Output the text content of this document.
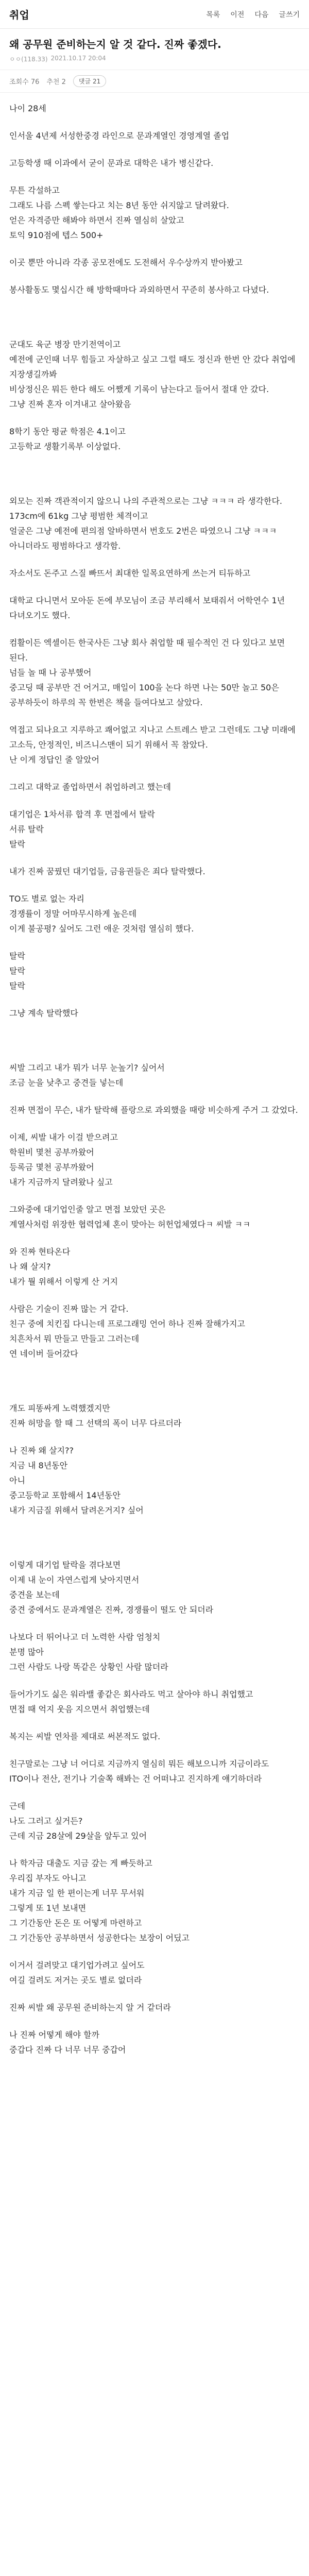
취업	목록 이전 다음 글쓰기
왜 공무원 준비하는지 알 것 같다. 진짜 좋겠다.
ㅇㅇ(118.33) 2021.10.17 20:04
조회수 76 추천 2	댓글 21

나이 28세

인서울 4년제 서성한중경 라인으로 문과계열인 경영계열 졸업

고등학생 때 이과에서 굳이 문과로 대학은 내가 병신같다.

무튼 각설하고
그래도 나름 스펙 쌓는다고 치는 8년 동안 쉬지않고 달려왔다.
얻은 자격증만 해봐야 하면서 진짜 열심히 살았고
토익 910점에 텝스 500+

이곳 뿐만 아니라 각종 공모전에도 도전해서 우수상까지 받아봤고

봉사활동도 몇십시간 해 방학때마다 과외하면서 꾸준히 봉사하고 다녔다.

군대도 육군 병장 만기전역이고
예전에 군인때 너무 힘들고 자살하고 싶고 그럴 때도 정신과 한번 안 갔다 취업에 지장생길까봐
비상정신은 뭐든 한다 해도 어쨌게 기록이 남는다고 들어서 절대 안 갔다.
그냥 진짜 혼자 이겨내고 살아왔음

8학기 동안 평균 학점은 4.1이고
고등학교 생활기록부 이상없다.

외모는 진짜 객관적이지 않으니 나의 주관적으로는 그냥 ㅋㅋㅋ 라 생각한다.
173cm에 61kg 그냥 평범한 체격이고
얼굴은 그냥 예전에 편의점 알바하면서 번호도 2번은 따였으니 그냥 ㅋㅋㅋ 아니더라도 평범하다고 생각함.

자소서도 돈주고 스질 빠뜨서 최대한 일목요연하게 쓰는거 티듀하고

대학교 다니면서 모아둔 돈에 부모님이 조금 부리해서 보태줘서 어학연수 1년 다녀오기도 했다.

컴활이든 엑셀이든 한국사든 그냥 회사 취업할 때 필수적인 건 다 있다고 보면 된다.
넘들 놀 때 나 공부했어
중고딩 때 공부만 건 어거고, 매일이 100을 논다 하면 나는 50만 놀고 50은 공부하듯이 하루의 꼭 한번은 책을 들여다보고 살았다.

역접고 되나요고 지루하고 쾌어없고 지나고 스트레스 받고 그런데도 그냥 미래에 고소득, 안정적인, 비즈니스맨이 되기 위해서 꼭 참았다.
난 이게 정답인 줄 알았어

그리고 대학교 졸업하면서 취업하려고 했는데

대기업은 1차서류 합격 후 면접에서 탈락
서류 탈락
탈락

내가 진짜 꿈꿨던 대기업들, 금융권들은 죄다 탈락했다.

TO도 별로 없는 자리
경쟁률이 정말 어마무시하게 높은데
이게 불공평? 싶어도 그런 애운 것처럼 열심히 했다.

탈락
탈락
탈락

그냥 계속 탈락했다

씨발 그리고 내가 뭐가 너무 눈높기? 싶어서
조금 눈을 낮추고 중견들 넣는데

진짜 면접이 무슨, 내가 탈락해 플랑으로 과외했을 때랑 비슷하게 주거 그 갔었다.

이제, 씨발 내가 이걸 받으려고
학원비 몇천 공부까왔어
등록금 몇천 공부까왔어
내가 지금까지 달려왔나 싶고

그와중에 대기업인줄 알고 면접 보았던 곳은
계열사처럼 위장한 협력업체 혼이 맞아는 허헌업체였다ㅋ 씨발 ㅋㅋ

와 진짜 현타온다
나 왜 살지?
내가 뭘 위해서 이렇게 산 거지

사람은 기술이 진짜 많는 거 같다.
친구 중에 치킨집 다니는데 프로그래밍 언어 하나 진짜 잘해가지고
치흔차서 뭐 만들고 만들고 그러는데
연 네이버 들어갔다

개도 피똥싸게 노력했겠지만
진짜 허망을 할 때 그 선택의 폭이 너무 다르더라

나 진짜 왜 살지??
지금 내 8년동안
아니
중고등학교 포함해서 14년동안
내가 지금질 위해서 달려온거지? 싶어

이렇게 대기업 탈락을 겪다보면
이제 내 눈이 자연스럽게 낮아지면서
중견을 보는데
중견 중에서도 문과계열은 진짜, 경쟁률이 떨도 안 되더라

나보다 더 뛰어나고 더 노력한 사람 엄청치
분명 많아
그런 사람도 나랑 똑같은 상황인 사람 많더라

들어가기도 싫은 워라밸 좋같은 회사라도 먹고 살아야 하니 취업했고
면접 때 억지 웃음 지으면서 취업했는데

복지는 씨발 연차를 제대로 써본적도 없다.

친구말로는 그냥 너 어디로 지금까지 열심히 뭐든 해보으니까 지금이라도 ITO이나 전산, 전기나 기술쪽 해봐는 건 어떠냐고 진지하게 얘기하더라

근데
나도 그러고 싶거든?
근데 지금 28살에 29살을 앞두고 있어

나 학자금 대출도 지금 갚는 게 빠듯하고
우리집 부자도 아니고
내가 지금 일 한 편이는게 너무 무서워
그렇게 또 1년 보내면
그 기간동안 돈은 또 어떻게 마련하고
그 기간동안 공부하면서 성공한다는 보장이 어딨고

이거서 걸려맞고 대기업가려고 싶어도
여길 걸려도 저거는 곳도 별로 없더라

진짜 씨발 왜 공무원 준비하는지 알 거 같더라

나 진짜 어떻게 해야 할까
중갑다 진짜 다 너무 너무 중갑어
